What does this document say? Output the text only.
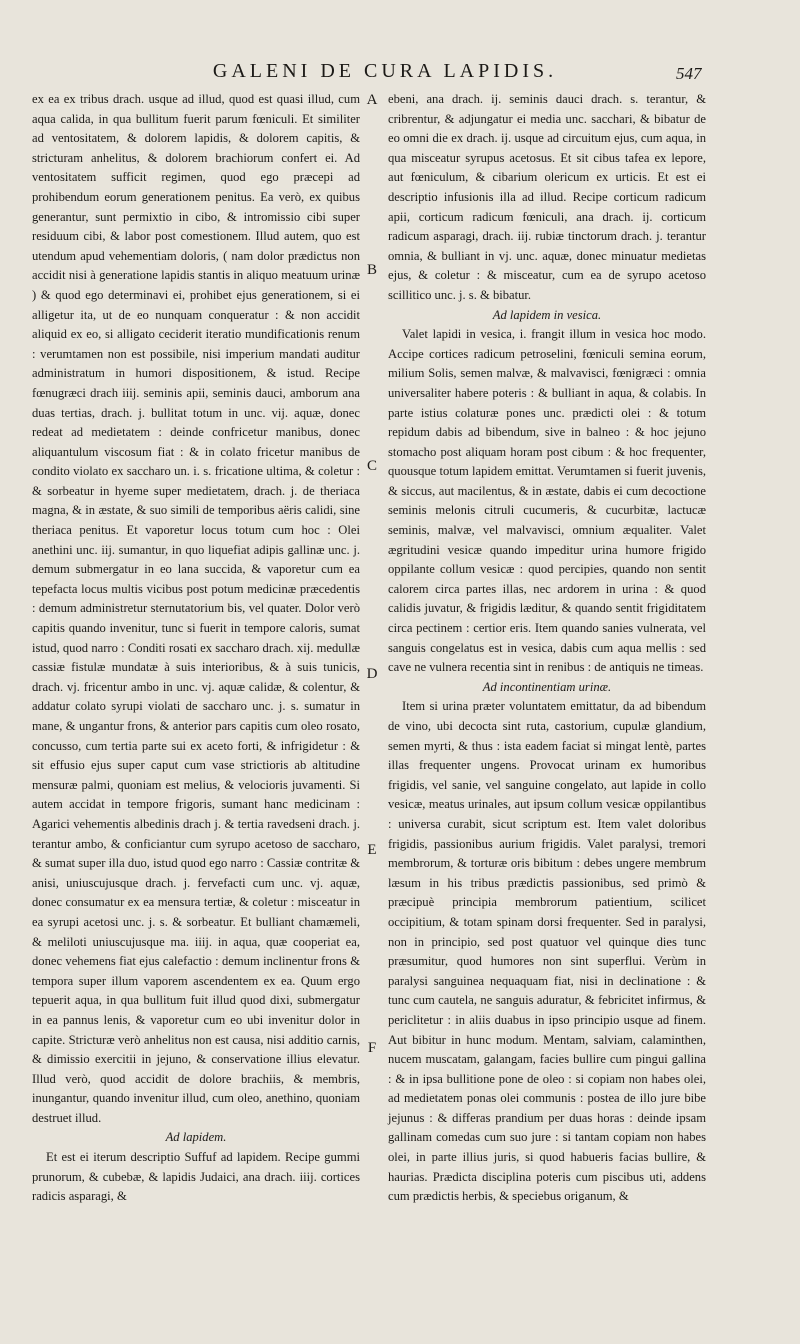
GALENI DE CURA LAPIDIS.	547
A
B
C
D
E
F

ex ea ex tribus drach. usque ad illud, quod est quasi illud, cum aqua calida, in qua bullitum fuerit parum fœniculi. Et similiter ad ventositatem, & dolorem lapidis, & dolorem capitis, & stricturam anhelitus, & dolorem brachiorum confert ei. Ad ventositatem sufficit regimen, quod ego præcepi ad prohibendum eorum generationem penitus. Ea verò, ex quibus generantur, sunt permixtio in cibo, & intromissio cibi super residuum cibi, & labor post comestionem. Illud autem, quo est utendum apud vehementiam doloris, ( nam dolor prædictus non accidit nisi à generatione lapidis stantis in aliquo meatuum urinæ ) & quod ego determinavi ei, prohibet ejus generationem, si ei alligetur ita, ut de eo nunquam conqueratur : & non accidit aliquid ex eo, si alligato ceciderit iteratio mundificationis renum : verumtamen non est possibile, nisi imperium mandati auditur administratum in humori dispositionem, & istud. Recipe fœnugræci drach iiij. seminis apii, seminis dauci, amborum ana duas tertias, drach. j. bullitat totum in unc. vij. aquæ, donec redeat ad medietatem : deinde confricetur manibus, donec aliquantulum viscosum fiat : & in colato fricetur manibus de condito violato ex saccharo un. i. s. fricatione ultima, & coletur : & sorbeatur in hyeme super medietatem, drach. j. de theriaca magna, & in æstate, & suo simili de temporibus aëris calidi, sine theriaca penitus. Et vaporetur locus totum cum hoc : Olei anethini unc. iij. sumantur, in quo liquefiat adipis gallinæ unc. j. demum submergatur in eo lana succida, & vaporetur cum ea tepefacta locus multis vicibus post potum medicinæ præcedentis : demum administretur sternutatorium bis, vel quater. Dolor verò capitis quando invenitur, tunc si fuerit in tempore caloris, sumat istud, quod narro : Conditi rosati ex saccharo drach. xij. medullæ cassiæ fistulæ mundatæ à suis interioribus, & à suis tunicis, drach. vj. fricentur ambo in unc. vj. aquæ calidæ, & colentur, & addatur colato syrupi violati de saccharo unc. j. s. sumatur in mane, & ungantur frons, & anterior pars capitis cum oleo rosato, concusso, cum tertia parte sui ex aceto forti, & infrigidetur : & sit effusio ejus super caput cum vase strictioris ab altitudine mensuræ palmi, quoniam est melius, & velocioris juvamenti. Si autem accidat in tempore frigoris, sumant hanc medicinam : Agarici vehementis albedinis drach j. & tertia ravedseni drach. j. terantur ambo, & conficiantur cum syrupo acetoso de saccharo, & sumat super illa duo, istud quod ego narro : Cassiæ contritæ & anisi, uniuscujusque drach. j. fervefacti cum unc. vj. aquæ, donec consumatur ex ea mensura tertiæ, & coletur : misceatur in ea syrupi acetosi unc. j. s. & sorbeatur. Et bulliant chamæmeli, & meliloti uniuscujusque ma. iiij. in aqua, quæ cooperiat ea, donec vehemens fiat ejus calefactio : demum inclinentur frons & tempora super illum vaporem ascendentem ex ea. Quum ergo tepuerit aqua, in qua bullitum fuit illud quod dixi, submergatur in ea pannus lenis, & vaporetur cum eo ubi invenitur dolor in capite. Stricturæ verò anhelitus non est causa, nisi additio carnis, & dimissio exercitii in jejuno, & conservatione illius elevatur. Illud verò, quod accidit de dolore brachiis, & membris, inungantur, quando invenitur illud, cum oleo, anethino, quoniam destruet illud.

Ad lapidem.

Et est ei iterum descriptio Suffuf ad lapidem. Recipe gummi prunorum, & cubebæ, & lapidis Judaici, ana drach. iiij. cortices radicis asparagi, &

ebeni, ana drach. ij. seminis dauci drach. s. terantur, & cribrentur, & adjungatur ei media unc. sacchari, & bibatur de eo omni die ex drach. ij. usque ad circuitum ejus, cum aqua, in qua misceatur syrupus acetosus. Et sit cibus tafea ex lepore, aut fœniculum, & cibarium olericum ex urticis. Et est ei descriptio infusionis illa ad illud. Recipe corticum radicum apii, corticum radicum fœniculi, ana drach. ij. corticum radicum asparagi, drach. iij. rubiæ tinctorum drach. j. terantur omnia, & bulliant in vj. unc. aquæ, donec minuatur medietas ejus, & coletur : & misceatur, cum ea de syrupo acetoso scillitico unc. j. s. & bibatur.

Ad lapidem in vesica.

Valet lapidi in vesica, i. frangit illum in vesica hoc modo. Accipe cortices radicum petroselini, fœniculi semina eorum, milium Solis, semen malvæ, & malvavisci, fœnigræci : omnia universaliter habere poteris : & bulliant in aqua, & colabis. In parte istius colaturæ pones unc. prædicti olei : & totum repidum dabis ad bibendum, sive in balneo : & hoc jejuno stomacho post aliquam horam post cibum : & hoc frequenter, quousque totum lapidem emittat. Verumtamen si fuerit juvenis, & siccus, aut macilentus, & in æstate, dabis ei cum decoctione seminis melonis citruli cucumeris, & cucurbitæ, lactucæ seminis, malvæ, vel malvavisci, omnium æqualiter. Valet ægritudini vesicæ quando impeditur urina humore frigido oppilante collum vesicæ : quod percipies, quando non sentit calorem circa partes illas, nec ardorem in urina : & quod calidis juvatur, & frigidis læditur, & quando sentit frigiditatem circa pectinem : certior eris. Item quando sanies vulnerata, vel sanguis congelatus est in vesica, dabis cum aqua mellis : sed cave ne vulnera recentia sint in renibus : de antiquis ne timeas.

Ad incontinentiam urinæ.

Item si urina præter voluntatem emittatur, da ad bibendum de vino, ubi decocta sint ruta, castorium, cupulæ glandium, semen myrti, & thus : ista eadem faciat si mingat lentè, partes illas frequenter ungens. Provocat urinam ex humoribus frigidis, vel sanie, vel sanguine congelato, aut lapide in collo vesicæ, meatus urinales, aut ipsum collum vesicæ oppilantibus : universa curabit, sicut scriptum est. Item valet doloribus frigidis, passionibus aurium frigidis. Valet paralysi, tremori membrorum, & torturæ oris bibitum : debes ungere membrum læsum in his tribus prædictis passionibus, sed primò & præcipuè principia membrorum patientium, scilicet occipitium, & totam spinam dorsi frequenter. Sed in paralysi, non in principio, sed post quatuor vel quinque dies tunc præsumitur, quod humores non sint superflui. Verùm in paralysi sanguinea nequaquam fiat, nisi in declinatione : & tunc cum cautela, ne sanguis aduratur, & febricitet infirmus, & periclitetur : in aliis duabus in ipso principio usque ad finem. Aut bibitur in hunc modum. Mentam, salviam, calaminthen, nucem muscatam, galangam, facies bullire cum pingui gallina : & in ipsa bullitione pone de oleo : si copiam non habes olei, ad medietatem ponas olei communis : postea de illo jure bibe jejunus : & differas prandium per duas horas : deinde ipsam gallinam comedas cum suo jure : si tantam copiam non habes olei, in parte illius juris, si quod habueris facias bullire, & haurias. Prædicta disciplina poteris cum piscibus uti, addens cum prædictis herbis, & speciebus origanum, &
